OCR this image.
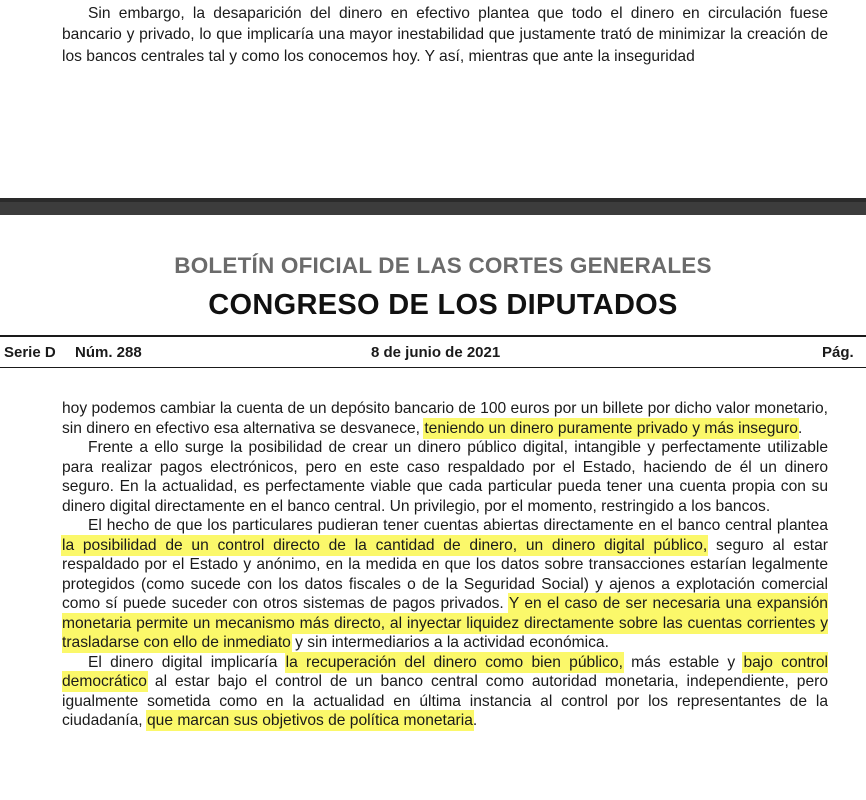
Sin embargo, la desaparición del dinero en efectivo plantea que todo el dinero en circulación fuese bancario y privado, lo que implicaría una mayor inestabilidad que justamente trató de minimizar la creación de los bancos centrales tal y como los conocemos hoy. Y así, mientras que ante la inseguridad

BOLETÍN OFICIAL DE LAS CORTES GENERALES
CONGRESO DE LOS DIPUTADOS
Serie D Núm. 288	8 de junio de 2021	Pág.

hoy podemos cambiar la cuenta de un depósito bancario de 100 euros por un billete por dicho valor monetario, sin dinero en efectivo esa alternativa se desvanece, teniendo un dinero puramente privado y más inseguro.

Frente a ello surge la posibilidad de crear un dinero público digital, intangible y perfectamente utilizable para realizar pagos electrónicos, pero en este caso respaldado por el Estado, haciendo de él un dinero seguro. En la actualidad, es perfectamente viable que cada particular pueda tener una cuenta propia con su dinero digital directamente en el banco central. Un privilegio, por el momento, restringido a los bancos.

El hecho de que los particulares pudieran tener cuentas abiertas directamente en el banco central plantea la posibilidad de un control directo de la cantidad de dinero, un dinero digital público, seguro al estar respaldado por el Estado y anónimo, en la medida en que los datos sobre transacciones estarían legalmente protegidos (como sucede con los datos fiscales o de la Seguridad Social) y ajenos a explotación comercial como sí puede suceder con otros sistemas de pagos privados. Y en el caso de ser necesaria una expansión monetaria permite un mecanismo más directo, al inyectar liquidez directamente sobre las cuentas corrientes y trasladarse con ello de inmediato y sin intermediarios a la actividad económica.

El dinero digital implicaría la recuperación del dinero como bien público, más estable y bajo control democrático al estar bajo el control de un banco central como autoridad monetaria, independiente, pero igualmente sometida como en la actualidad en última instancia al control por los representantes de la ciudadanía, que marcan sus objetivos de política monetaria.
